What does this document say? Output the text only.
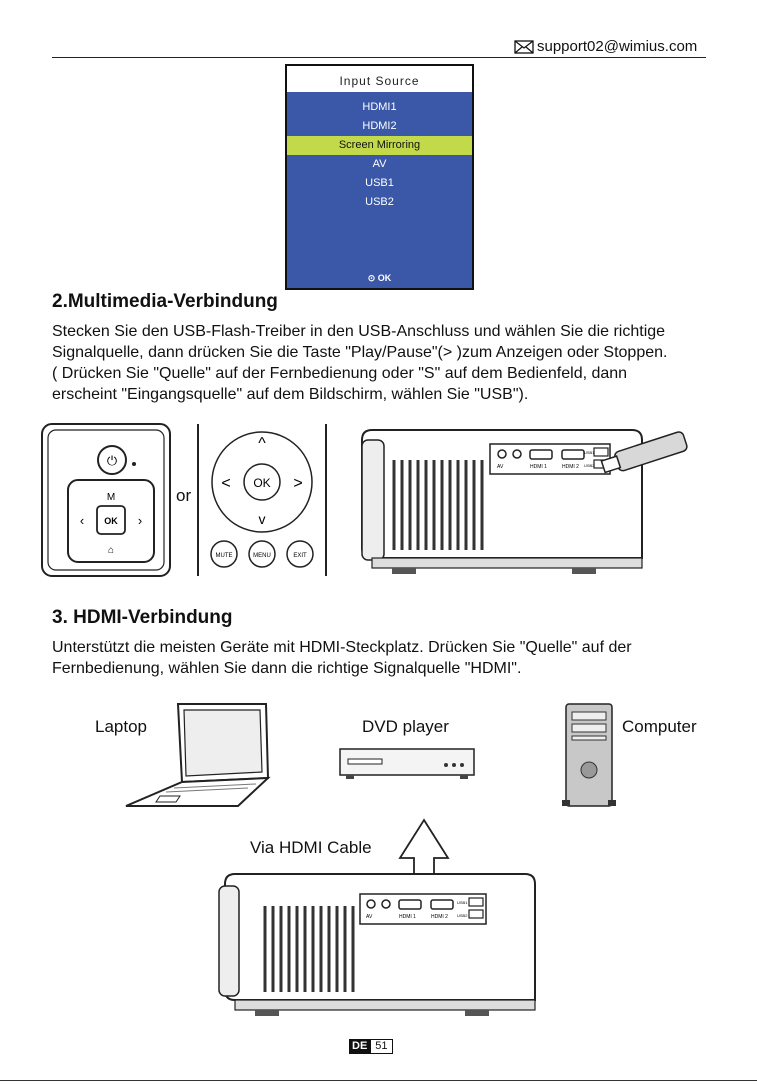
support02@wimius.com
Input Source
HDMI1
HDMI2
Screen Mirroring
AV
USB1
USB2
⊙ OK
2.Multimedia-Verbindung

Stecken Sie den USB-Flash-Treiber in den USB-Anschluss und wählen Sie die richtige

Signalquelle, dann drücken Sie die Taste "Play/Pause"(> )zum Anzeigen oder Stoppen.

( Drücken Sie "Quelle" auf der Fernbedienung oder "S" auf dem Bedienfeld, dann

erscheint "Eingangsquelle" auf dem Bildschirm, wählen Sie "USB").

⏻
OK
M
‹	›
⌂
or
OK
^
v
<	>
MUTE	MENU	EXIT
AV	HDMI 1	HDMI 2
USB1
USB2
3. HDMI-Verbindung

Unterstützt die meisten Geräte mit HDMI-Steckplatz. Drücken Sie "Quelle" auf der

Fernbedienung, wählen Sie dann die richtige Signalquelle "HDMI".

Laptop	DVD player	Computer
Via HDMI Cable
AV	HDMI 1	HDMI 2
USB1
USB2
DE 51
